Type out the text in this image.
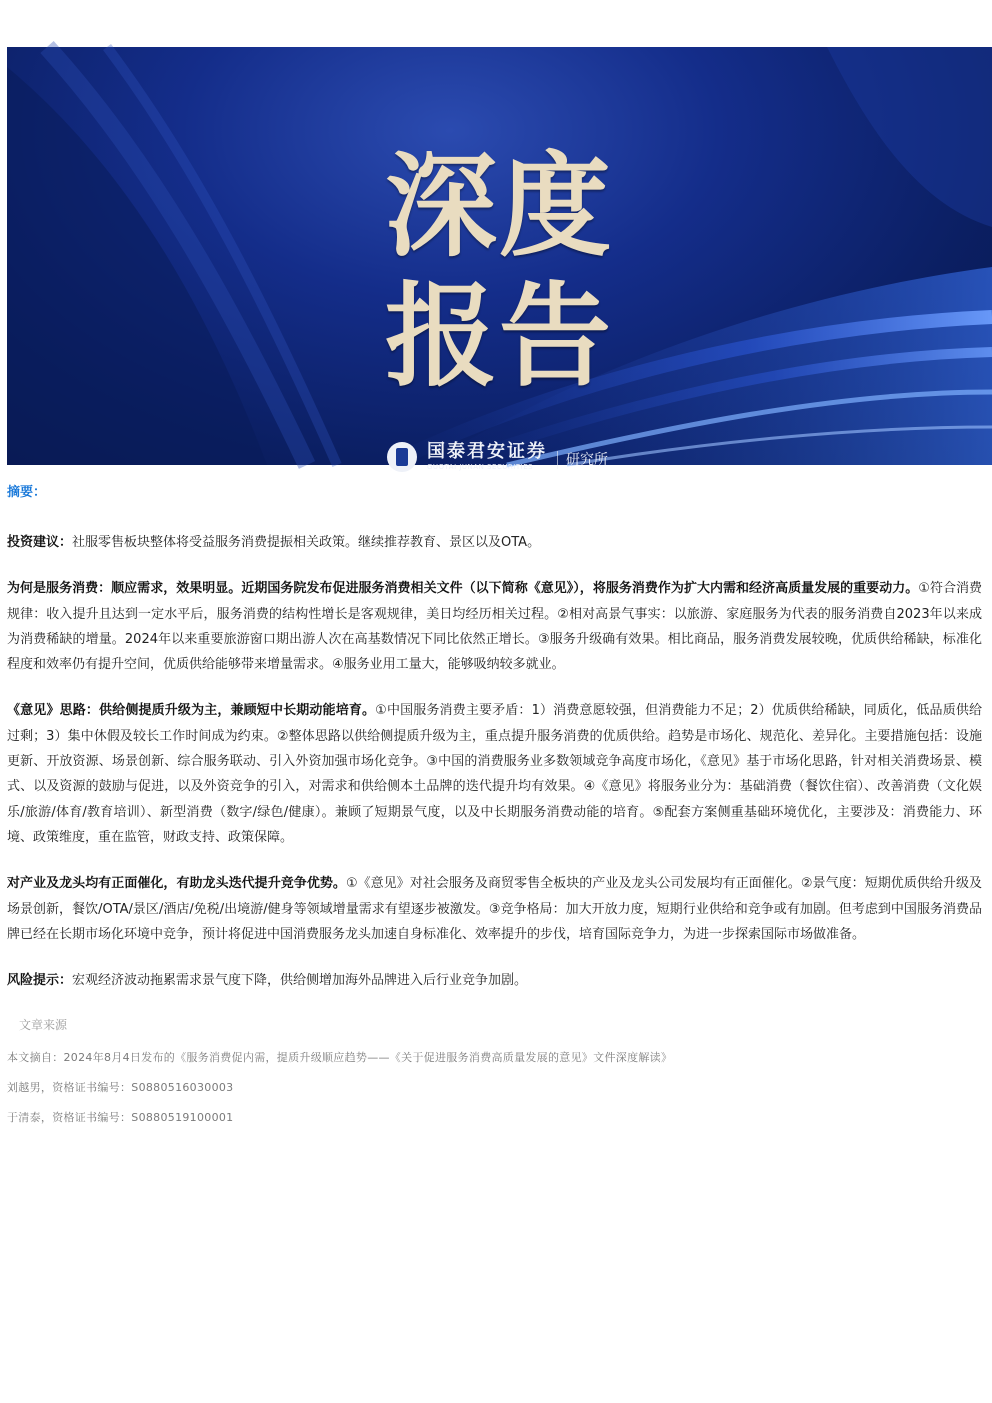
深度
报告
国泰君安证券
GUOTAI JUNAN SECURITIES	研究所

摘要：

投资建议：社服零售板块整体将受益服务消费提振相关政策。继续推荐教育、景区以及OTA。

为何是服务消费：顺应需求，效果明显。近期国务院发布促进服务消费相关文件（以下简称《意见》），将服务消费作为扩大内需和经济高质量发展的重要动力。①符合消费规律：收入提升且达到一定水平后，服务消费的结构性增长是客观规律，美日均经历相关过程。②相对高景气事实：以旅游、家庭服务为代表的服务消费自2023年以来成为消费稀缺的增量。2024年以来重要旅游窗口期出游人次在高基数情况下同比依然正增长。③服务升级确有效果。相比商品，服务消费发展较晚，优质供给稀缺，标准化程度和效率仍有提升空间，优质供给能够带来增量需求。④服务业用工量大，能够吸纳较多就业。

《意见》思路：供给侧提质升级为主，兼顾短中长期动能培育。①中国服务消费主要矛盾：1）消费意愿较强，但消费能力不足；2）优质供给稀缺，同质化，低品质供给过剩；3）集中休假及较长工作时间成为约束。②整体思路以供给侧提质升级为主，重点提升服务消费的优质供给。趋势是市场化、规范化、差异化。主要措施包括：设施更新、开放资源、场景创新、综合服务联动、引入外资加强市场化竞争。③中国的消费服务业多数领域竞争高度市场化，《意见》基于市场化思路，针对相关消费场景、模式、以及资源的鼓励与促进，以及外资竞争的引入，对需求和供给侧本土品牌的迭代提升均有效果。④《意见》将服务业分为：基础消费（餐饮住宿）、改善消费（文化娱乐/旅游/体育/教育培训）、新型消费（数字/绿色/健康）。兼顾了短期景气度，以及中长期服务消费动能的培育。⑤配套方案侧重基础环境优化，主要涉及：消费能力、环境、政策维度，重在监管，财政支持、政策保障。

对产业及龙头均有正面催化，有助龙头迭代提升竞争优势。①《意见》对社会服务及商贸零售全板块的产业及龙头公司发展均有正面催化。②景气度：短期优质供给升级及场景创新，餐饮/OTA/景区/酒店/免税/出境游/健身等领域增量需求有望逐步被激发。③竞争格局：加大开放力度，短期行业供给和竞争或有加剧。但考虑到中国服务消费品牌已经在长期市场化环境中竞争，预计将促进中国消费服务龙头加速自身标准化、效率提升的步伐，培育国际竞争力，为进一步探索国际市场做准备。

风险提示：宏观经济波动拖累需求景气度下降，供给侧增加海外品牌进入后行业竞争加剧。

文章来源
本文摘自：2024年8月4日发布的《服务消费促内需，提质升级顺应趋势——《关于促进服务消费高质量发展的意见》文件深度解读》
刘越男，资格证书编号：S0880516030003
于清泰，资格证书编号：S0880519100001
